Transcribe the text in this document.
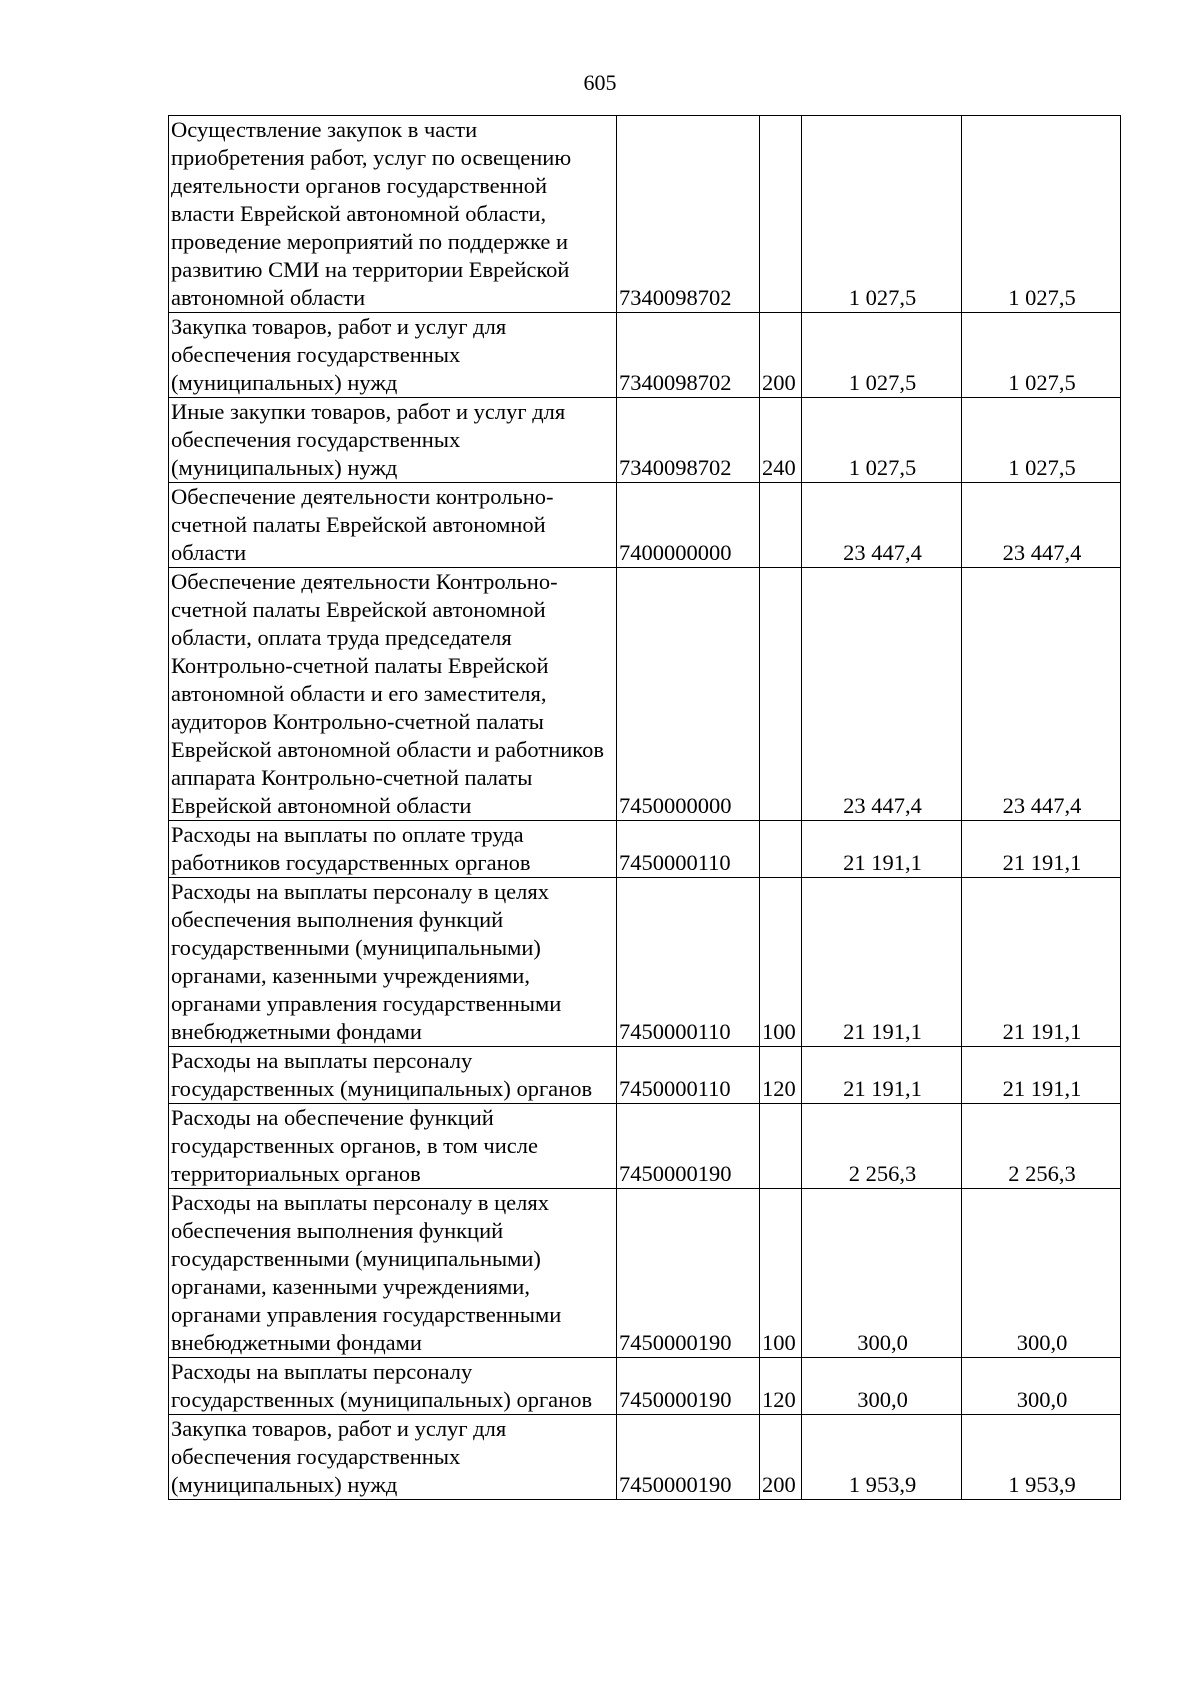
605
Осуществление закупок в части приобретения работ, услуг по освещению деятельности органов государственной власти Еврейской автономной области, проведение мероприятий по поддержке и развитию СМИ на территории Еврейской автономной области	7340098702		1 027,5	1 027,5
Закупка товаров, работ и услуг для обеспечения государственных (муниципальных) нужд	7340098702	200	1 027,5	1 027,5
Иные закупки товаров, работ и услуг для обеспечения государственных (муниципальных) нужд	7340098702	240	1 027,5	1 027,5
Обеспечение деятельности контрольно-счетной палаты Еврейской автономной области	7400000000		23 447,4	23 447,4
Обеспечение деятельности Контрольно-счетной палаты Еврейской автономной области, оплата труда председателя Контрольно-счетной палаты Еврейской автономной области и его заместителя, аудиторов Контрольно-счетной палаты Еврейской автономной области и работников аппарата Контрольно-счетной палаты Еврейской автономной области	7450000000		23 447,4	23 447,4
Расходы на выплаты по оплате труда работников государственных органов	7450000110		21 191,1	21 191,1
Расходы на выплаты персоналу в целях обеспечения выполнения функций государственными (муниципальными) органами, казенными учреждениями, органами управления государственными внебюджетными фондами	7450000110	100	21 191,1	21 191,1
Расходы на выплаты персоналу государственных (муниципальных) органов	7450000110	120	21 191,1	21 191,1
Расходы на обеспечение функций государственных органов, в том числе территориальных органов	7450000190		2 256,3	2 256,3
Расходы на выплаты персоналу в целях обеспечения выполнения функций государственными (муниципальными) органами, казенными учреждениями, органами управления государственными внебюджетными фондами	7450000190	100	300,0	300,0
Расходы на выплаты персоналу государственных (муниципальных) органов	7450000190	120	300,0	300,0
Закупка товаров, работ и услуг для обеспечения государственных (муниципальных) нужд	7450000190	200	1 953,9	1 953,9
